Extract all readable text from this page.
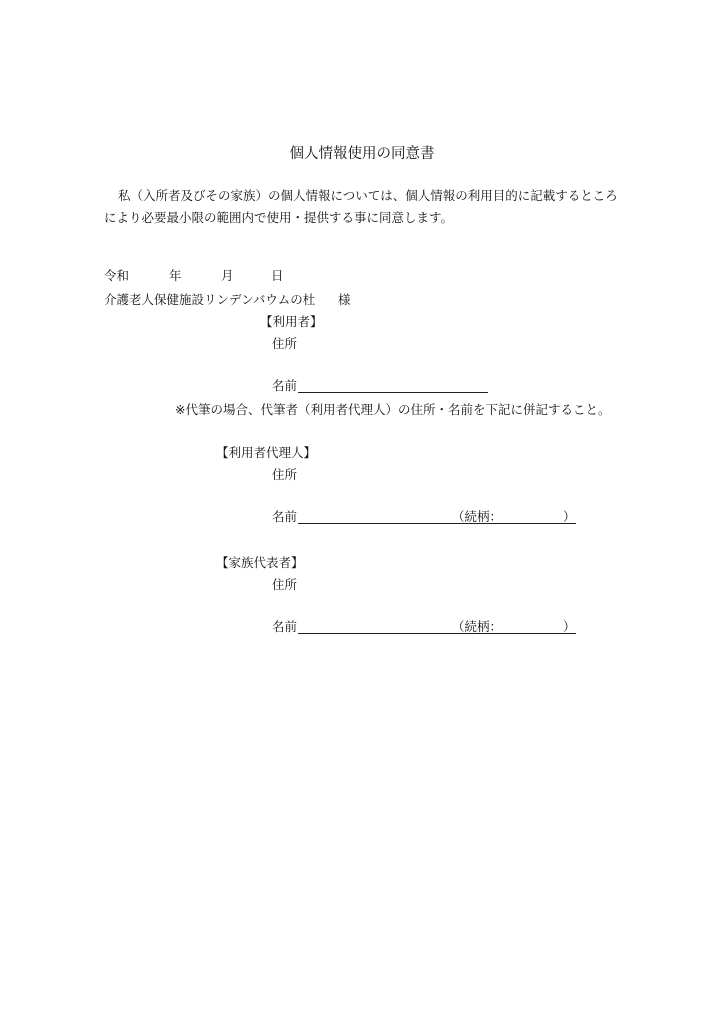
個人情報使用の同意書
私（入所者及びその家族）の個人情報については、個人情報の利用目的に記載するところ
により必要最小限の範囲内で使用・提供する事に同意します。
令和	年	月	日
介護老人保健施設リンデンバウムの杜 様
【利用者】
住所
名前
※代筆の場合、代筆者（利用者代理人）の住所・名前を下記に併記すること。
【利用者代理人】
住所
名前	（続柄：	）
【家族代表者】
住所
名前	（続柄：	）
